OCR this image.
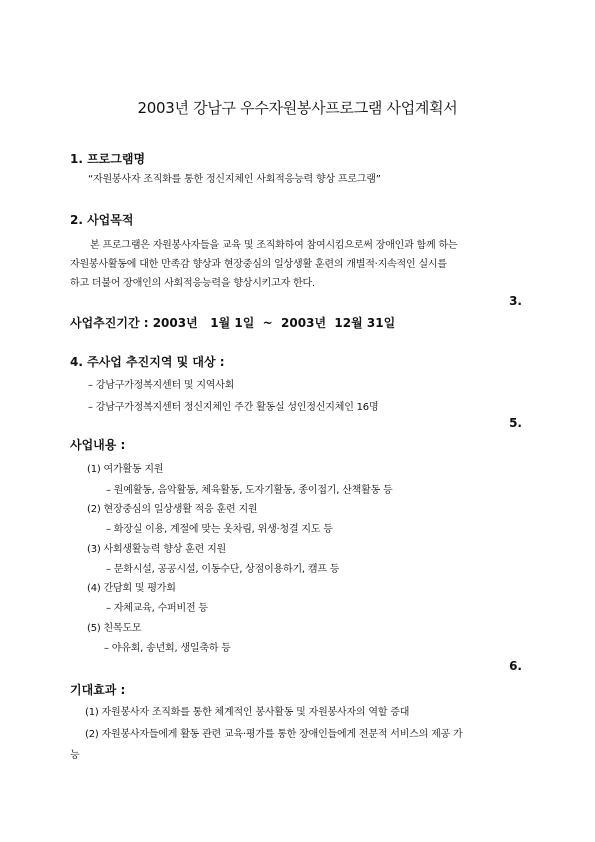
2003년 강남구 우수자원봉사프로그램 사업계획서
1. 프로그램명
“자원봉사자 조직화를 통한 정신지체인 사회적응능력 향상 프로그램”
2. 사업목적
본 프로그램은 자원봉사자들을 교육 및 조직화하여 참여시킴으로써 장애인과 함께 하는
자원봉사활동에 대한 만족감 향상과 현장중심의 일상생활 훈련의 개별적·지속적인 실시를
하고 더불어 장애인의 사회적응능력을 향상시키고자 한다.
3.
사업추진기간 : 2003년   1월 1일  ~  2003년  12월 31일
4. 주사업 추진지역 및 대상 :
– 강남구가정복지센터 및 지역사회
– 강남구가정복지센터 정신지체인 주간 활동실 성인정신지체인 16명
5.
사업내용 :
(1) 여가활동 지원
– 원예활동, 음악활동, 체육활동, 도자기활동, 종이접기, 산책활동 등
(2) 현장중심의 일상생활 적응 훈련 지원
– 화장실 이용, 계절에 맞는 옷차림, 위생·청결 지도 등
(3) 사회생활능력 향상 훈련 지원
– 문화시설, 공공시설, 이동수단, 상점이용하기, 캠프 등
(4) 간담회 및 평가회
– 자체교육, 수퍼비전 등
(5) 친목도모
– 야유회, 송년회, 생일축하 등
6.
기대효과 :
(1) 자원봉사자 조직화를 통한 체계적인 봉사활동 및 자원봉사자의 역할 증대
(2) 자원봉사자들에게 활동 관련 교육·평가를 통한 장애인들에게 전문적 서비스의 제공 가
능
